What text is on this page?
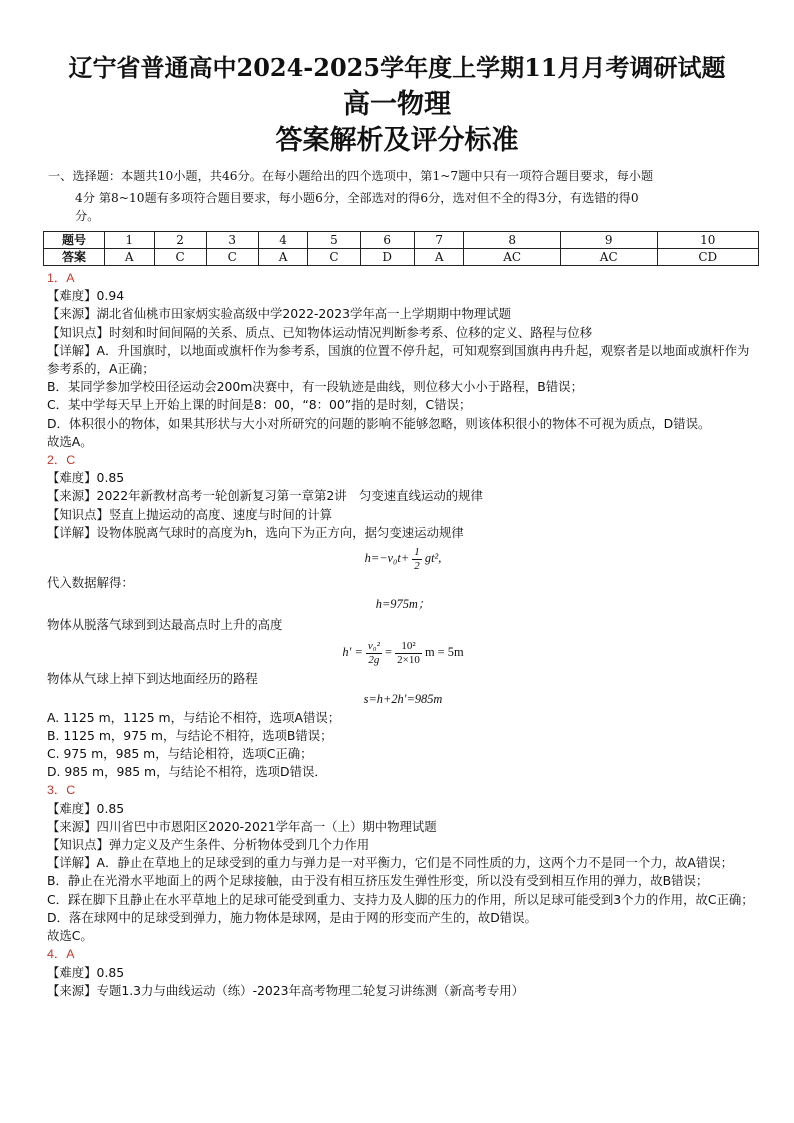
辽宁省普通高中2024-2025学年度上学期11月月考调研试题
高一物理
答案解析及评分标准
一、选择题：本题共10小题，共46分。在每小题给出的四个选项中，第1~7题中只有一项符合题目要求，每小题
4分 第8~10题有多项符合题目要求，每小题6分，全部选对的得6分，选对但不全的得3分，有选错的得0
分。
题号	1	2	3	4	5	6	7	8	9	10
答案	A	C	C	A	C	D	A	AC	AC	CD
1．A
【难度】0.94
【来源】湖北省仙桃市田家炳实验高级中学2022-2023学年高一上学期期中物理试题
【知识点】时刻和时间间隔的关系、质点、已知物体运动情况判断参考系、位移的定义、路程与位移
【详解】A．升国旗时，以地面或旗杆作为参考系，国旗的位置不停升起，可知观察到国旗冉冉升起，观察者是以地面或旗杆作为参考系的，A正确；
B．某同学参加学校田径运动会200m决赛中，有一段轨迹是曲线，则位移大小小于路程，B错误；
C．某中学每天早上开始上课的时间是8：00，“8：00”指的是时刻，C错误；
D．体积很小的物体，如果其形状与大小对所研究的问题的影响不能够忽略，则该体积很小的物体不可视为质点，D错误。
故选A。
2．C
【难度】0.85
【来源】2022年新教材高考一轮创新复习第一章第2讲　匀变速直线运动的规律
【知识点】竖直上抛运动的高度、速度与时间的计算
【详解】设物体脱离气球时的高度为h，选向下为正方向，据匀变速运动规律
$h=-v_0t+ \frac{1}{2} gt^2$,
代入数据解得：
h=975m；
物体从脱落气球到到达最高点时上升的高度
$h' = \frac{\text{v₀²}}{2g} = \frac{\text{10²}}{2\times 10}$ m = 5m
物体从气球上掉下到达地面经历的路程
s=h+2h′=985m
A. 1125 m，1125 m，与结论不相符，选项A错误；
B. 1125 m，975 m，与结论不相符，选项B错误；
C. 975 m，985 m，与结论相符，选项C正确；
D. 985 m，985 m，与结论不相符，选项D错误．
3．C
【难度】0.85
【来源】四川省巴中市恩阳区2020-2021学年高一（上）期中物理试题
【知识点】弹力定义及产生条件、分析物体受到几个力作用
【详解】A．静止在草地上的足球受到的重力与弹力是一对平衡力，它们是不同性质的力，这两个力不是同一个力，故A错误；
B．静止在光滑水平地面上的两个足球接触，由于没有相互挤压发生弹性形变，所以没有受到相互作用的弹力，故B错误；
C．踩在脚下且静止在水平草地上的足球可能受到重力、支持力及人脚的压力的作用，所以足球可能受到3个力的作用，故C正确；
D．落在球网中的足球受到弹力，施力物体是球网，是由于网的形变而产生的，故D错误。
故选C。
4．A
【难度】0.85
【来源】专题1.3力与曲线运动（练）-2023年高考物理二轮复习讲练测（新高考专用）
